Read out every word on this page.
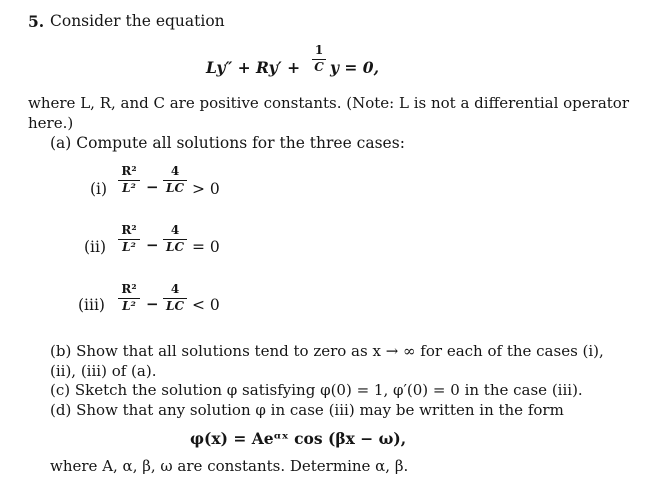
5. Consider the equation
Ly″ + Ry′ +
1
C y = 0,
where L, R, and C are positive constants. (Note: L is not a differential operator
here.)
(a) Compute all solutions for the three cases:
(i)
R²
L² −
4
LC > 0
(ii)
R²
L² −
4
LC = 0
(iii)
R²
L² −
4
LC < 0
(b) Show that all solutions tend to zero as x → ∞ for each of the cases (i),
(ii), (iii) of (a).
(c) Sketch the solution φ satisfying φ(0) = 1, φ′(0) = 0 in the case (iii).
(d) Show that any solution φ in case (iii) may be written in the form
φ(x) = Aeᵅˣ cos (βx − ω),
where A, α, β, ω are constants. Determine α, β.
